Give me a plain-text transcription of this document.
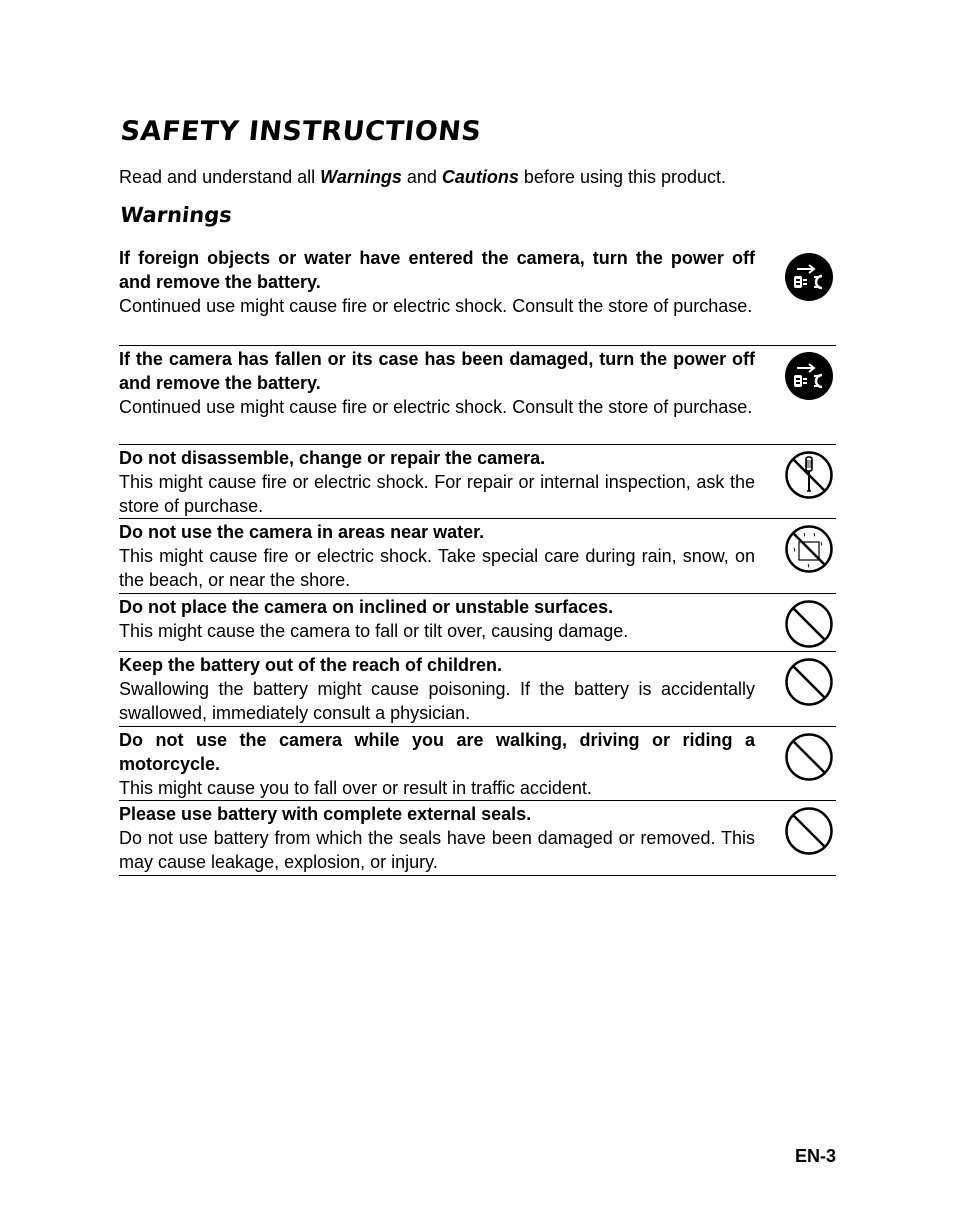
SAFETY INSTRUCTIONS

Read and understand all Warnings and Cautions before using this product.

Warnings
If foreign objects or water have entered the camera, turn the power off and remove the battery.
Continued use might cause fire or electric shock. Consult the store of purchase.
If the camera has fallen or its case has been damaged, turn the power off and remove the battery.
Continued use might cause fire or electric shock. Consult the store of purchase.
Do not disassemble, change or repair the camera.
This might cause fire or electric shock. For repair or internal inspection, ask the store of purchase.
Do not use the camera in areas near water.
This might cause fire or electric shock. Take special care during rain, snow, on the beach, or near the shore.
Do not place the camera on inclined or unstable surfaces.
This might cause the camera to fall or tilt over, causing damage.
Keep the battery out of the reach of children.
Swallowing the battery might cause poisoning. If the battery is accidentally swallowed, immediately consult a physician.
Do not use the camera while you are walking, driving or riding a motorcycle.
This might cause you to fall over or result in traffic accident.
Please use battery with complete external seals.
Do not use battery from which the seals have been damaged or removed. This may cause leakage, explosion, or injury.

EN-3
